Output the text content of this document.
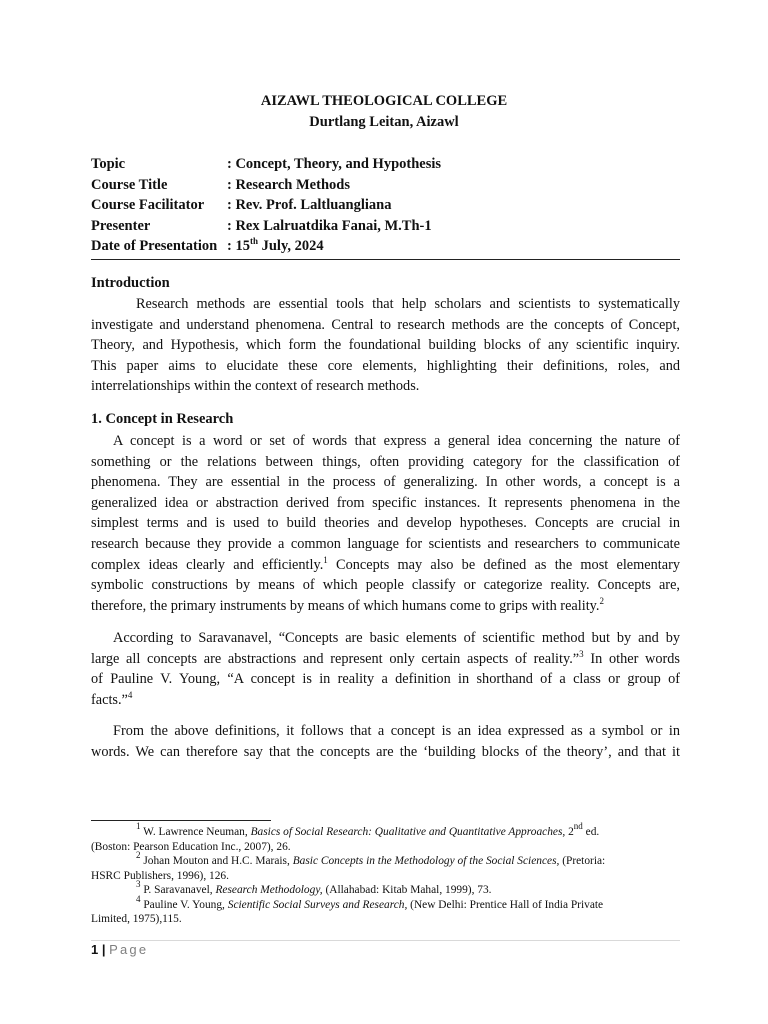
AIZAWL THEOLOGICAL COLLEGE
Durtlang Leitan, Aizawl
Topic	: Concept, Theory, and Hypothesis
Course Title	: Research Methods
Course Facilitator : Rev. Prof. Laltluangliana
Presenter	: Rex Lalruatdika Fanai, M.Th-1
Date of Presentation : 15th July, 2024
Introduction
Research methods are essential tools that help scholars and scientists to systematically
investigate and understand phenomena. Central to research methods are the concepts of Concept,
Theory, and Hypothesis, which form the foundational building blocks of any scientific inquiry.
This paper aims to elucidate these core elements, highlighting their definitions, roles, and
interrelationships within the context of research methods.
1. Concept in Research
A concept is a word or set of words that express a general idea concerning the nature of
something or the relations between things, often providing category for the classification of
phenomena. They are essential in the process of generalizing. In other words, a concept is a
generalized idea or abstraction derived from specific instances. It represents phenomena in the
simplest terms and is used to build theories and develop hypotheses. Concepts are crucial in
research because they provide a common language for scientists and researchers to communicate
complex ideas clearly and efficiently.$^1$ Concepts may also be defined as the most elementary
symbolic constructions by means of which people classify or categorize reality. Concepts are,
therefore, the primary instruments by means of which humans come to grips with reality.$^2$
According to Saravanavel, “Concepts are basic elements of scientific method but by and by
large all concepts are abstractions and represent only certain aspects of reality.”$^3$ In other words
of Pauline V. Young, “A concept is in reality a definition in shorthand of a class or group of
facts.”$^4$
From the above definitions, it follows that a concept is an idea expressed as a symbol or in
words. We can therefore say that the concepts are the ‘building blocks of the theory’, and that it
$^1$ W. Lawrence Neuman, Basics of Social Research: Qualitative and Quantitative Approaches, 2nd ed.
(Boston: Pearson Education Inc., 2007), 26.
$^2$ Johan Mouton and H.C. Marais, Basic Concepts in the Methodology of the Social Sciences, (Pretoria:
HSRC Publishers, 1996), 126.
$^3$ P. Saravanavel, Research Methodology, (Allahabad: Kitab Mahal, 1999), 73.
$^4$ Pauline V. Young, Scientific Social Surveys and Research, (New Delhi: Prentice Hall of India Private
Limited, 1975),115.
1 | Page
